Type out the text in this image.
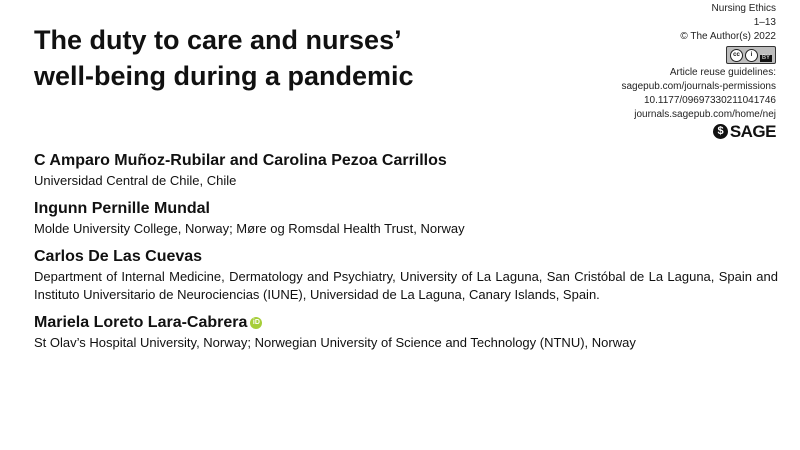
The duty to care and nurses’
well-being during a pandemic
Nursing Ethics
1–13
© The Author(s) 2022
cc	i	BY
Article reuse guidelines:
sagepub.com/journals-permissions
10.1177/09697330211041746
journals.sagepub.com/home/nej
$ SAGE
C Amparo Muñoz-Rubilar and Carolina Pezoa Carrillos
Universidad Central de Chile, Chile
Ingunn Pernille Mundal
Molde University College, Norway; Møre og Romsdal Health Trust, Norway
Carlos De Las Cuevas
Department of Internal Medicine, Dermatology and Psychiatry, University of La Laguna, San Cristóbal de La Laguna, Spain and Instituto Universitario de Neurociencias (IUNE), Universidad de La Laguna, Canary Islands, Spain.
Mariela Loreto Lara-Cabrera iD
St Olav’s Hospital University, Norway; Norwegian University of Science and Technology (NTNU), Norway
